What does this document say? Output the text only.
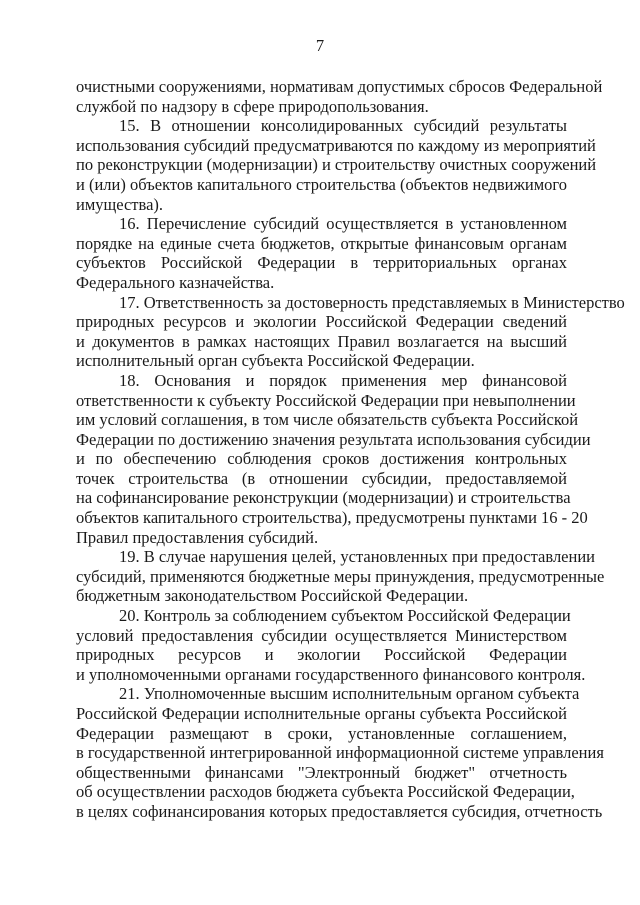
7

очистными сооружениями, нормативам допустимых сбросов Федеральной
службой по надзору в сфере природопользования.

15. В отношении консолидированных субсидий результаты
использования субсидий предусматриваются по каждому из мероприятий
по реконструкции (модернизации) и строительству очистных сооружений
и (или) объектов капитального строительства (объектов недвижимого
имущества).

16. Перечисление субсидий осуществляется в установленном
порядке на единые счета бюджетов, открытые финансовым органам
субъектов Российской Федерации в территориальных органах
Федерального казначейства.

17. Ответственность за достоверность представляемых в Министерство
природных ресурсов и экологии Российской Федерации сведений
и документов в рамках настоящих Правил возлагается на высший
исполнительный орган субъекта Российской Федерации.

18. Основания и порядок применения мер финансовой
ответственности к субъекту Российской Федерации при невыполнении
им условий соглашения, в том числе обязательств субъекта Российской
Федерации по достижению значения результата использования субсидии
и по обеспечению соблюдения сроков достижения контрольных
точек строительства (в отношении субсидии, предоставляемой
на софинансирование реконструкции (модернизации) и строительства
объектов капитального строительства), предусмотрены пунктами 16 - 20
Правил предоставления субсидий.

19. В случае нарушения целей, установленных при предоставлении
субсидий, применяются бюджетные меры принуждения, предусмотренные
бюджетным законодательством Российской Федерации.

20. Контроль за соблюдением субъектом Российской Федерации
условий предоставления субсидии осуществляется Министерством
природных ресурсов и экологии Российской Федерации
и уполномоченными органами государственного финансового контроля.

21. Уполномоченные высшим исполнительным органом субъекта
Российской Федерации исполнительные органы субъекта Российской
Федерации размещают в сроки, установленные соглашением,
в государственной интегрированной информационной системе управления
общественными финансами "Электронный бюджет" отчетность
об осуществлении расходов бюджета субъекта Российской Федерации,
в целях софинансирования которых предоставляется субсидия, отчетность
